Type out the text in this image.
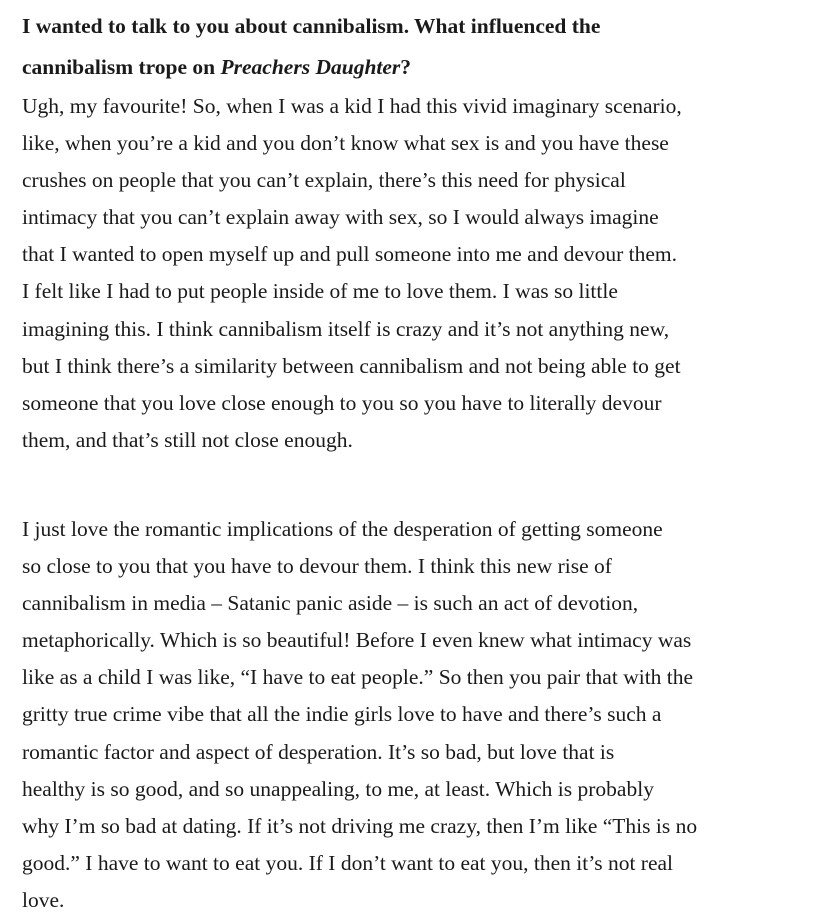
I wanted to talk to you about cannibalism. What influenced the
cannibalism trope on Preachers Daughter?

Ugh, my favourite! So, when I was a kid I had this vivid imaginary scenario,
like, when you’re a kid and you don’t know what sex is and you have these
crushes on people that you can’t explain, there’s this need for physical
intimacy that you can’t explain away with sex, so I would always imagine
that I wanted to open myself up and pull someone into me and devour them.
I felt like I had to put people inside of me to love them. I was so little
imagining this. I think cannibalism itself is crazy and it’s not anything new,
but I think there’s a similarity between cannibalism and not being able to get
someone that you love close enough to you so you have to literally devour
them, and that’s still not close enough.

I just love the romantic implications of the desperation of getting someone
so close to you that you have to devour them. I think this new rise of
cannibalism in media – Satanic panic aside – is such an act of devotion,
metaphorically. Which is so beautiful! Before I even knew what intimacy was
like as a child I was like, “I have to eat people.” So then you pair that with the
gritty true crime vibe that all the indie girls love to have and there’s such a
romantic factor and aspect of desperation. It’s so bad, but love that is
healthy is so good, and so unappealing, to me, at least. Which is probably
why I’m so bad at dating. If it’s not driving me crazy, then I’m like “This is no
good.” I have to want to eat you. If I don’t want to eat you, then it’s not real
love.
